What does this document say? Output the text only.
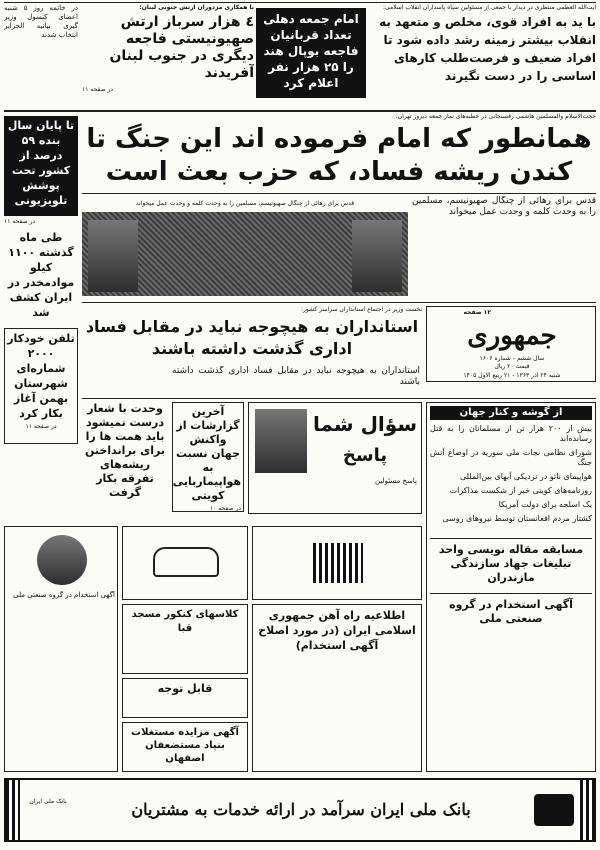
در خاتمه روز ۵ شنبه اعضای کنسول وزیر گیری بیانیه الجزایر انتخاب شدند
با همکاری مزدوران ارتش جنوبی لبنان:
٤ هزار سرباز ارتش صهیونیستی فاجعه دیگری در جنوب لبنان آفریدند
در صفحه ۱۱
امام جمعه دهلی تعداد قربانیان فاجعه بوپال هند را ۲۵ هزار نفر اعلام کرد
آیت‌الله العظمی منتظری در دیدار با جمعی از مسئولین سپاه پاسداران انقلاب اسلامی:
با ید به افراد قوی، مخلص و متعهد به انقلاب بیشتر زمینه رشد داده شود تا افراد ضعیف و فرصت‌طلب کارهای اساسی را در دست نگیرند
حجت‌الاسلام والمسلمین هاشمی رفسنجانی در خطبه‌های نماز جمعه دیروز تهران:
همانطور که امام فرموده اند این جنگ تا کندن ریشه فساد، که حزب بعث است
قدس برای رهائی از چنگال صهیونیسم، مسلمین را به وحدت کلمه و وحدت عمل میخواند
قدس برای رهائی از چنگال صهیونیسم، مسلمین را به وحدت کلمه و وحدت عمل میخواند
تا پایان سال بنده ۵۹ درصد از کشور تحت پوشش تلویزیونی
در صفحه ۱۱
طی ماه گذشته ۱۱۰۰ کیلو موادمخدر در ایران کشف شد
تلفن خودکار ۲۰۰۰ شماره‌ای شهرستان بهمن آغاز بکار کرد
در صفحه ۱۱
نخست وزیر در اجتماع استانداران سراسر کشور:
استانداران به هیچوجه نباید در مقابل فساد اداری گذشت داشته باشند
۱۲ صفحه
جمهوری
سال ششم - شماره ۱۶۰۶
قیمت ۲۰ ریال
شنبه ۲۴ آذر ۱۳۶۳ - ۲۱ ربیع الاول ۱۴۰۵
استانداران به هیچوجه نباید در مقابل فساد اداری گذشت داشته باشند
وحدت با شعار درست نمیشود باید همت ها را برای برانداختن ریشه‌های تفرقه بکار گرفت
آخرین گزارشات از واکنش جهان نسبت به هواپیماربایی کویتی
در صفحه ۱۰
سؤال شما
پاسخ
پاسخ مسئولین
از گوشه و کنار جهان
بیش از ۲۰۰ هزار تن از مسلمانان را به قتل رسانده‌اند
شورای نظامی نجات ملی سوریه در اوضاع آتش جنگ
هواپیمای ناتو در نزدیکی آبهای بین‌المللی
روزنامه‌های کویتی خبر از شکست مذاکرات
یک اسلحه برای دولت آمریکا
کشتار مردم افغانستان توسط نیروهای روسی
مسابقه مقاله نویسی واحد تبلیغات جهاد سازندگی مازندران
آگهی استخدام در گروه صنعتی ملی
آگهی استخدام در گروه صنعتی ملی
اطلاعیه راه آهن جمهوری اسلامی ایران (در مورد اصلاح آگهی استخدام)
کلاسهای کنکور مسجد قبا
قابل توجه
آگهی مزایده مستغلات بنیاد مستضعفان اصفهان
بانک ملی ایران سرآمد در ارائه خدمات به مشتریان
بانک ملی ایران
